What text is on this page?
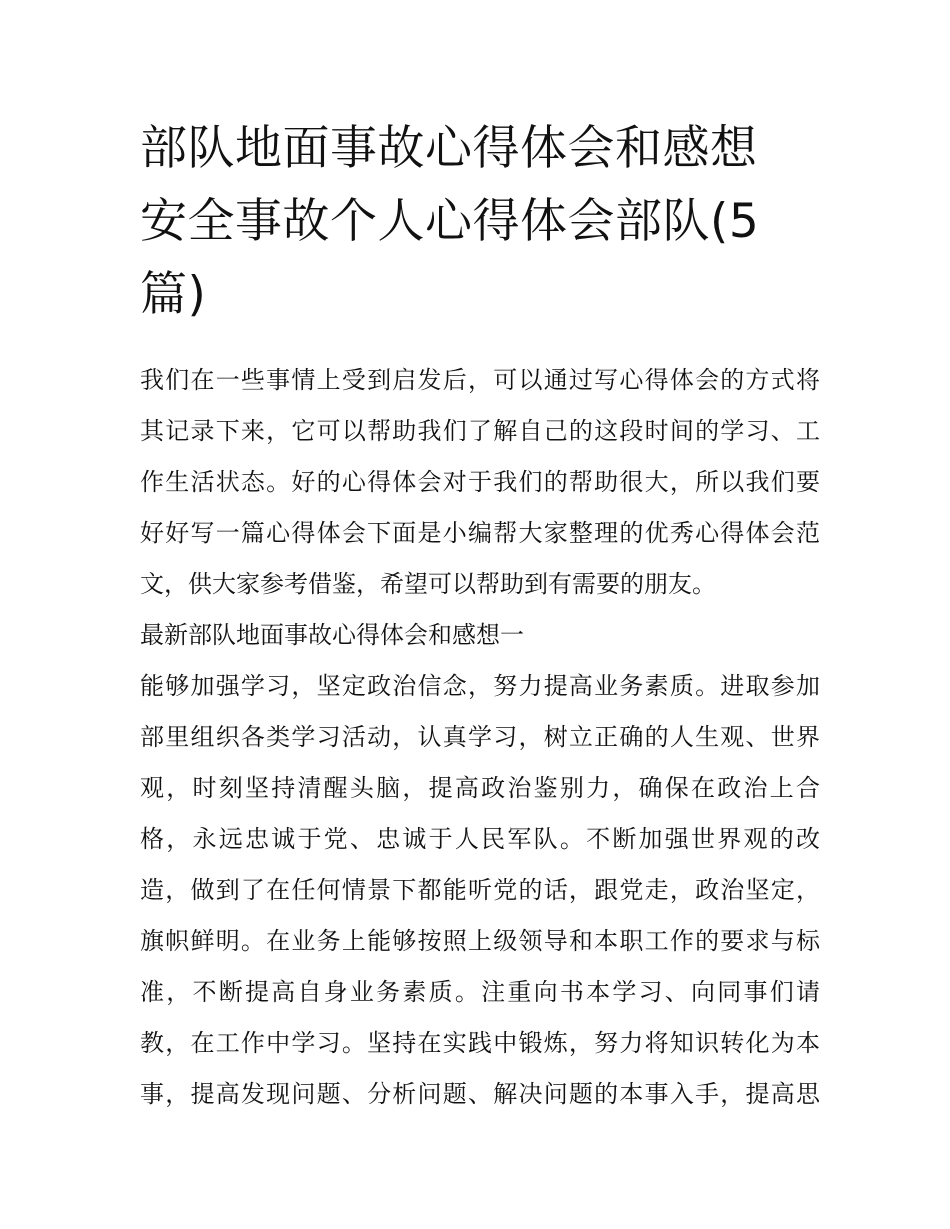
部队地面事故心得体会和感想
安全事故个人心得体会部队(5
篇)
我们在一些事情上受到启发后，可以通过写心得体会的方式将
其记录下来，它可以帮助我们了解自己的这段时间的学习、工
作生活状态。好的心得体会对于我们的帮助很大，所以我们要
好好写一篇心得体会下面是小编帮大家整理的优秀心得体会范
文，供大家参考借鉴，希望可以帮助到有需要的朋友。
最新部队地面事故心得体会和感想一
能够加强学习，坚定政治信念，努力提高业务素质。进取参加
部里组织各类学习活动，认真学习，树立正确的人生观、世界
观，时刻坚持清醒头脑，提高政治鉴别力，确保在政治上合
格，永远忠诚于党、忠诚于人民军队。不断加强世界观的改
造，做到了在任何情景下都能听党的话，跟党走，政治坚定，
旗帜鲜明。在业务上能够按照上级领导和本职工作的要求与标
准，不断提高自身业务素质。注重向书本学习、向同事们请
教，在工作中学习。坚持在实践中锻炼，努力将知识转化为本
事，提高发现问题、分析问题、解决问题的本事入手，提高思
